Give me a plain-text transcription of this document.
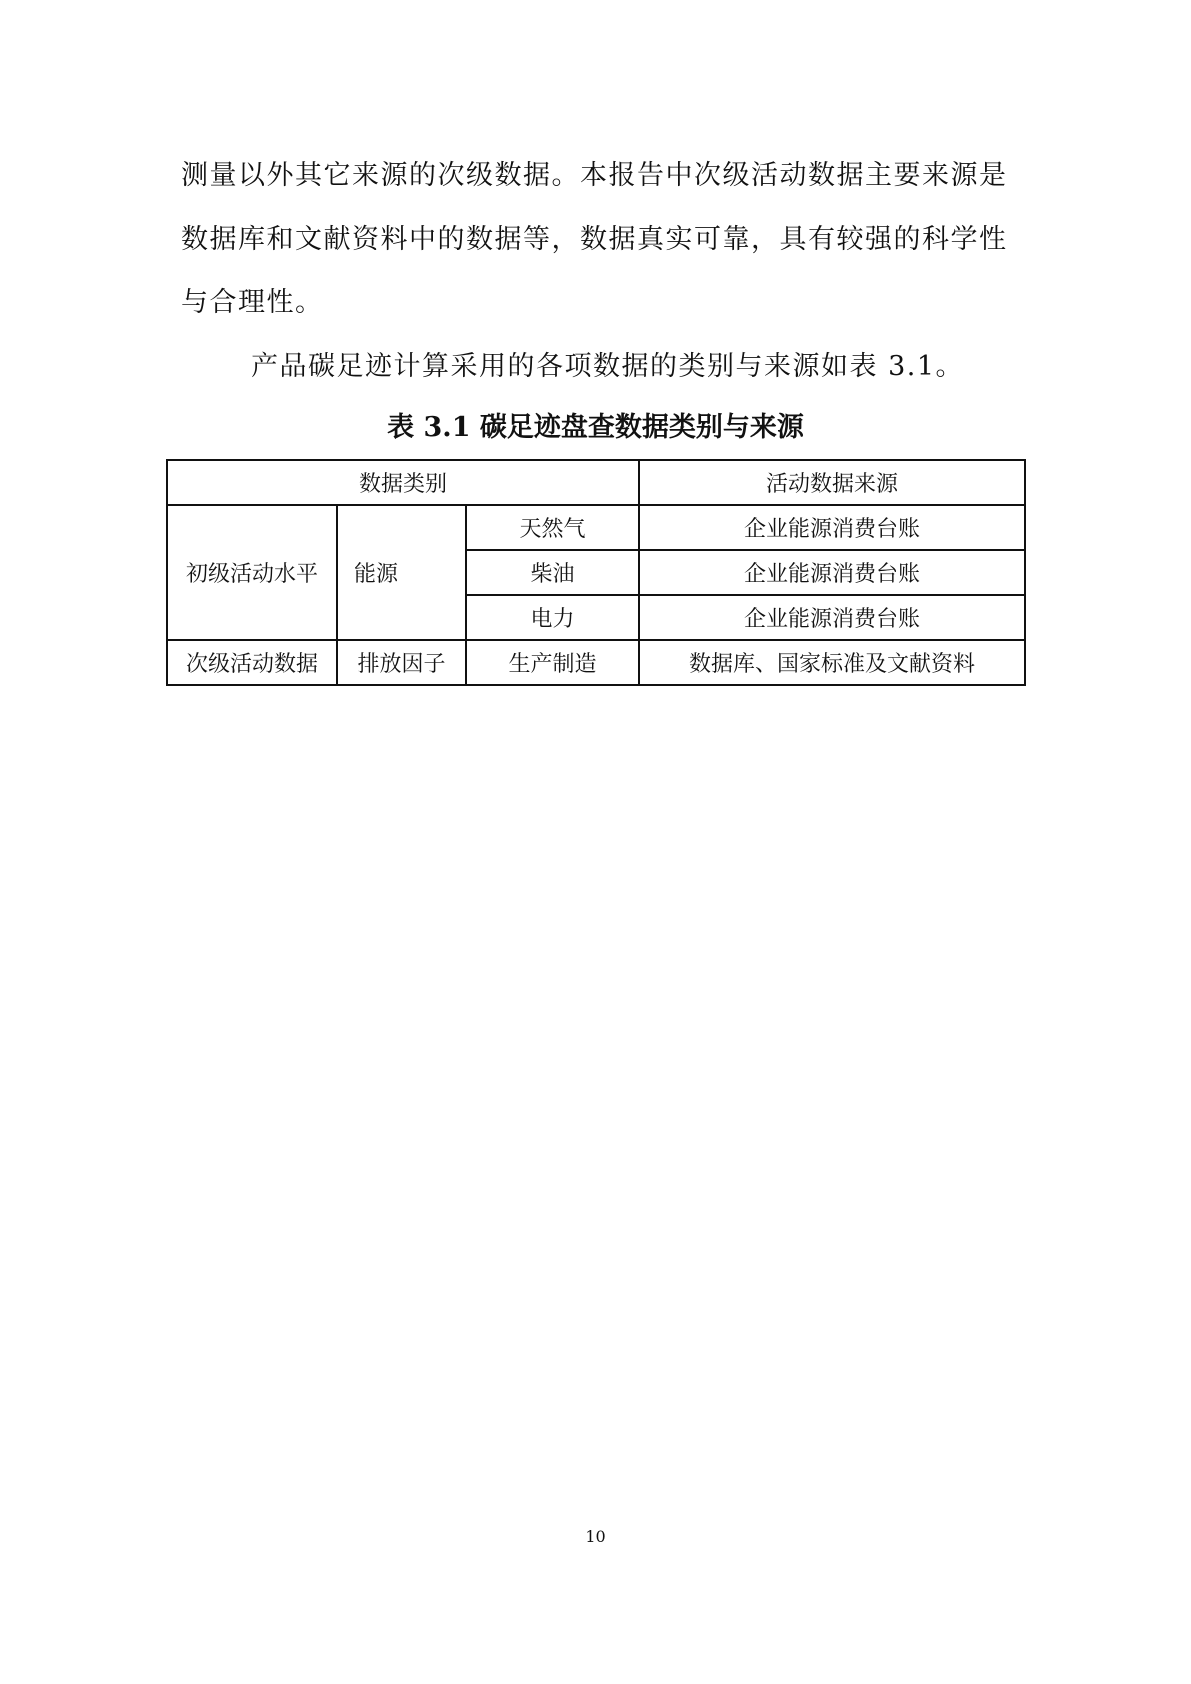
测量以外其它来源的次级数据。本报告中次级活动数据主要来源是
数据库和文献资料中的数据等，数据真实可靠，具有较强的科学性
与合理性。
产品碳足迹计算采用的各项数据的类别与来源如表 3.1。
表 3.1 碳足迹盘查数据类别与来源
数据类别			活动数据来源
初级活动水平	能源	天然气	企业能源消费台账
		柴油	企业能源消费台账
		电力	企业能源消费台账
次级活动数据	排放因子	生产制造	数据库、国家标准及文献资料
10
